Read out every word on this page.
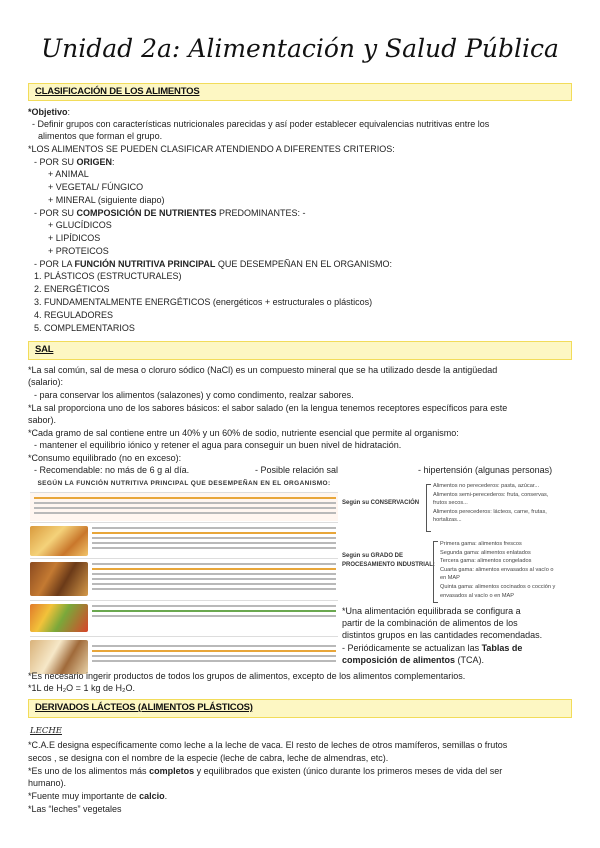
Unidad 2a: Alimentación y Salud Pública
CLASIFICACIÓN DE LOS ALIMENTOS
*Objetivo:
- Definir grupos con características nutricionales parecidas y así poder establecer equivalencias nutritivas entre los
alimentos que forman el grupo.
*LOS ALIMENTOS SE PUEDEN CLASIFICAR ATENDIENDO A DIFERENTES CRITERIOS:
- POR SU ORIGEN:
+ ANIMAL
+ VEGETAL/ FÚNGICO
+ MINERAL (siguiente diapo)
- POR SU COMPOSICIÓN DE NUTRIENTES PREDOMINANTES: -
+ GLUCÍDICOS
+ LIPÍDICOS
+ PROTEICOS
- POR LA FUNCIÓN NUTRITIVA PRINCIPAL QUE DESEMPEÑAN EN EL ORGANISMO:
1. PLÁSTICOS (ESTRUCTURALES)
2. ENERGÉTICOS
3. FUNDAMENTALMENTE ENERGÉTICOS (energéticos + estructurales o plásticos)
4. REGULADORES
5. COMPLEMENTARIOS
SAL
*La sal común, sal de mesa o cloruro sódico (NaCl) es un compuesto mineral que se ha utilizado desde la antigüedad
(salario):
- para conservar los alimentos (salazones) y como condimento, realzar sabores.
*La sal proporciona uno de los sabores básicos: el sabor salado (en la lengua tenemos receptores específicos para este
sabor).
*Cada gramo de sal contiene entre un 40% y un 60% de sodio, nutriente esencial que permite al organismo:
- mantener el equilibrio iónico y retener el agua para conseguir un buen nivel de hidratación.
*Consumo equilibrado (no en exceso):
- Recomendable: no más de 6 g al día.	- Posible relación sal	- hipertensión (algunas personas)
SEGÚN LA FUNCIÓN NUTRITIVA PRINCIPAL QUE DESEMPEÑAN EN EL ORGANISMO:
Según su CONSERVACIÓN
Alimentos no perecederos: pasta, azúcar...
Alimentos semi-perecederos: fruta, conservas,
frutos secos...
Alimentos perecederos: lácteos, carne, frutas,
hortalizas...
Según su GRADO DE
PROCESAMIENTO INDUSTRIAL:
Primera gama: alimentos frescos
Segunda gama: alimentos enlatados
Tercera gama: alimentos congelados
Cuarta gama: alimentos envasados al vacío o
en MAP
Quinta gama: alimentos cocinados o cocción y
envasados al vacío o en MAP
*Una alimentación equilibrada se configura a
partir de la combinación de alimentos de los
distintos grupos en las cantidades recomendadas.
- Periódicamente se actualizan las Tablas de
composición de alimentos (TCA).
*Es necesario ingerir productos de todos los grupos de alimentos, excepto de los alimentos complementarios.
*1L de H₂O = 1 kg de H₂O.
DERIVADOS LÁCTEOS (ALIMENTOS PLÁSTICOS)
LECHE
*C.A.E designa específicamente como leche a la leche de vaca. El resto de leches de otros mamíferos, semillas o frutos
secos , se designa con el nombre de la especie (leche de cabra, leche de almendras, etc).
*Es uno de los alimentos más completos y equilibrados que existen (único durante los primeros meses de vida del ser
humano).
*Fuente muy importante de calcio.
*Las “leches” vegetales
